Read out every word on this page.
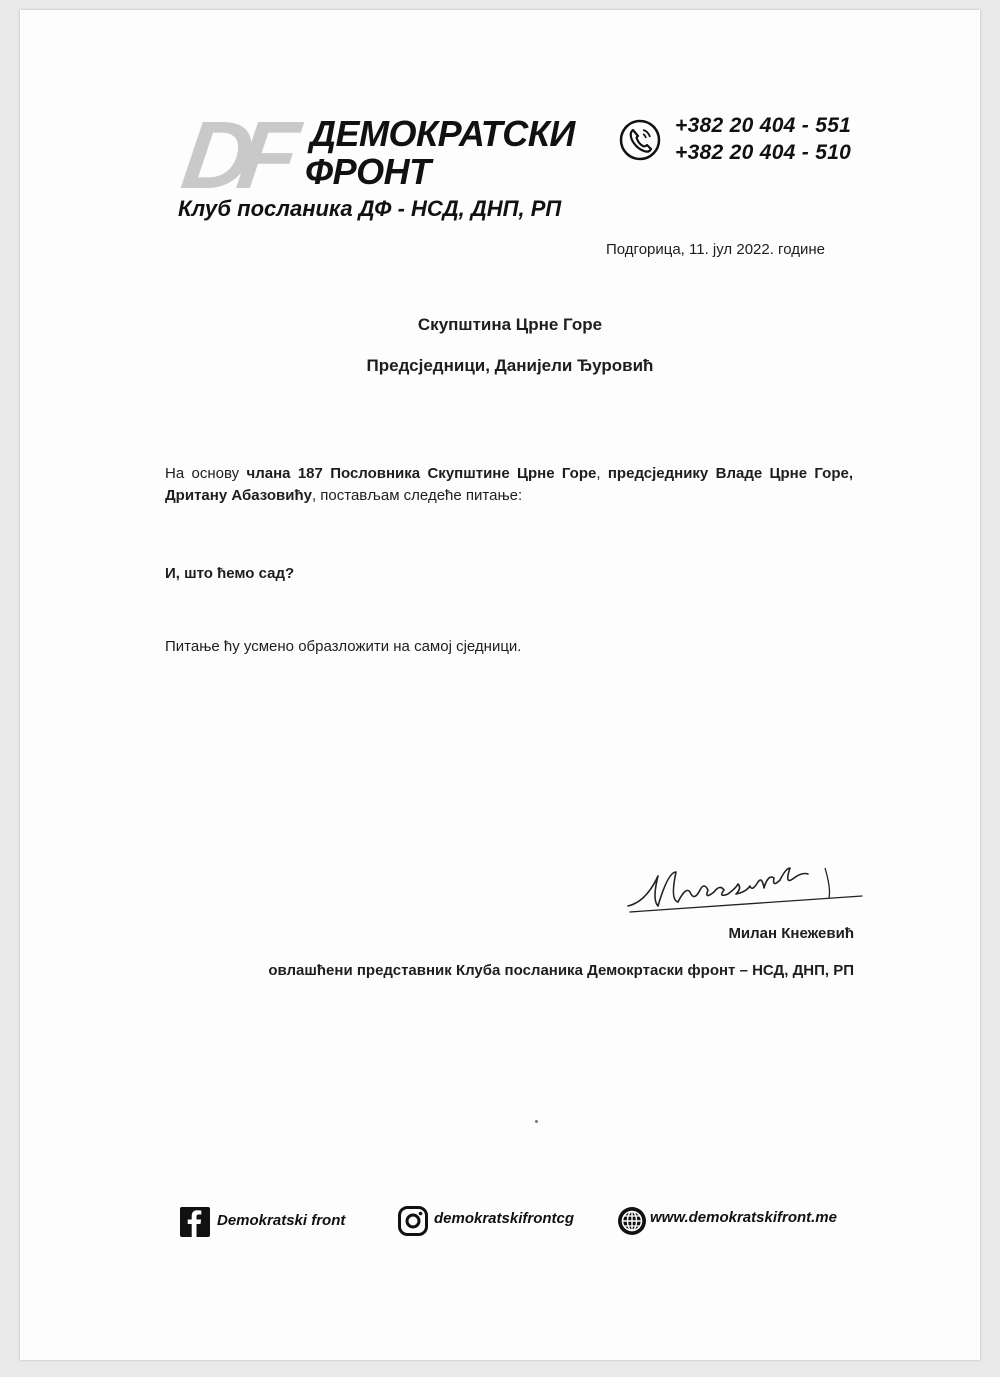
DF ДЕМОКРАТСКИ
ФРОНТ
Клуб посланика ДФ - НСД, ДНП, РП
+382 20 404 - 551
+382 20 404 - 510
Подгорица, 11. јул 2022. године
Скупштина Црне Горе
Предсједници, Данијели Ђуровић
На основу члана 187 Пословника Скупштине Црне Горе, предсједнику Владе Црне Горе, Дритану Абазовићу, постављам следеће питање:
И, што ћемо сад?
Питање ћу усмено образложити на самој сједници.
Милан Кнежевић
овлашћени представник Клуба посланика Демокртаски фронт – НСД, ДНП, РП
Demokratski front	demokratskifrontcg	www.demokratskifront.me
